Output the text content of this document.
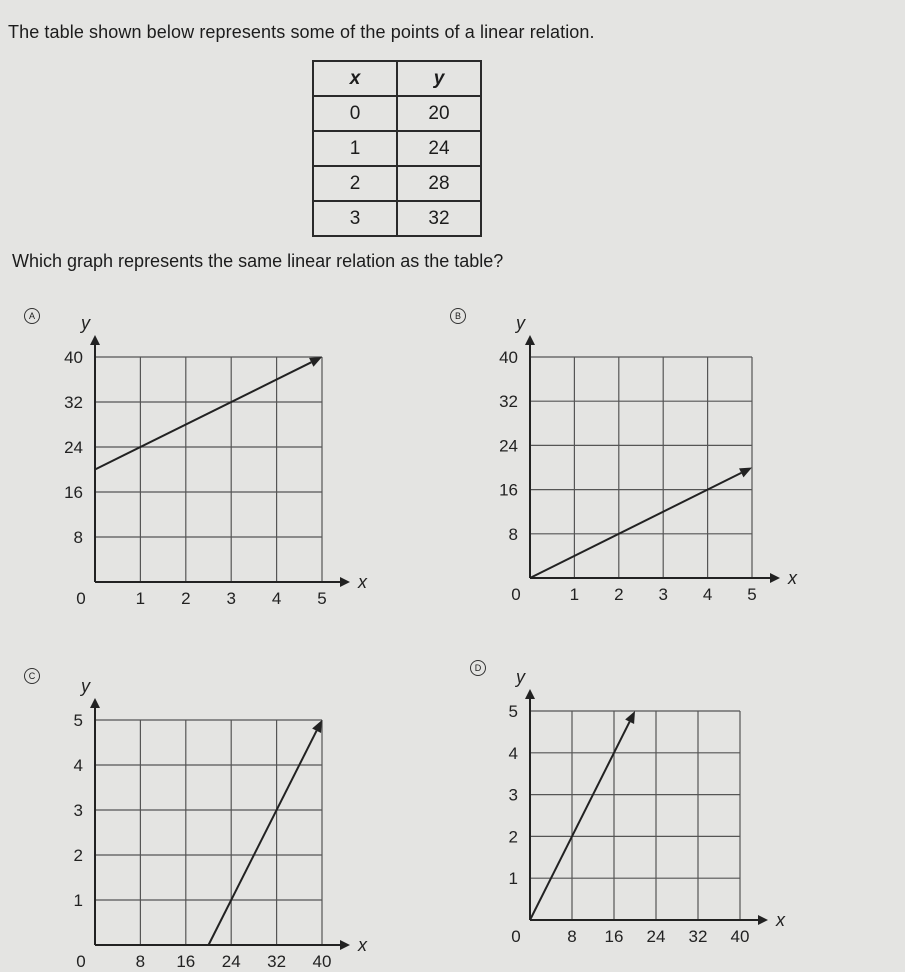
The table shown below represents some of the points of a linear relation.
x	y
0	20
1	24
2	28
3	32
Which graph represents the same linear relation as the table?
A	B
C
D
x
y
0	1 2 3 4 5
8
16
24
32
40
x
y
0	1 2 3 4 5
8
16
24
32
40
x
y
0	8 16 24 32 40
1
2
3
4
5
x
y
0	8 16 24 32 40
1
2
3
4
5
